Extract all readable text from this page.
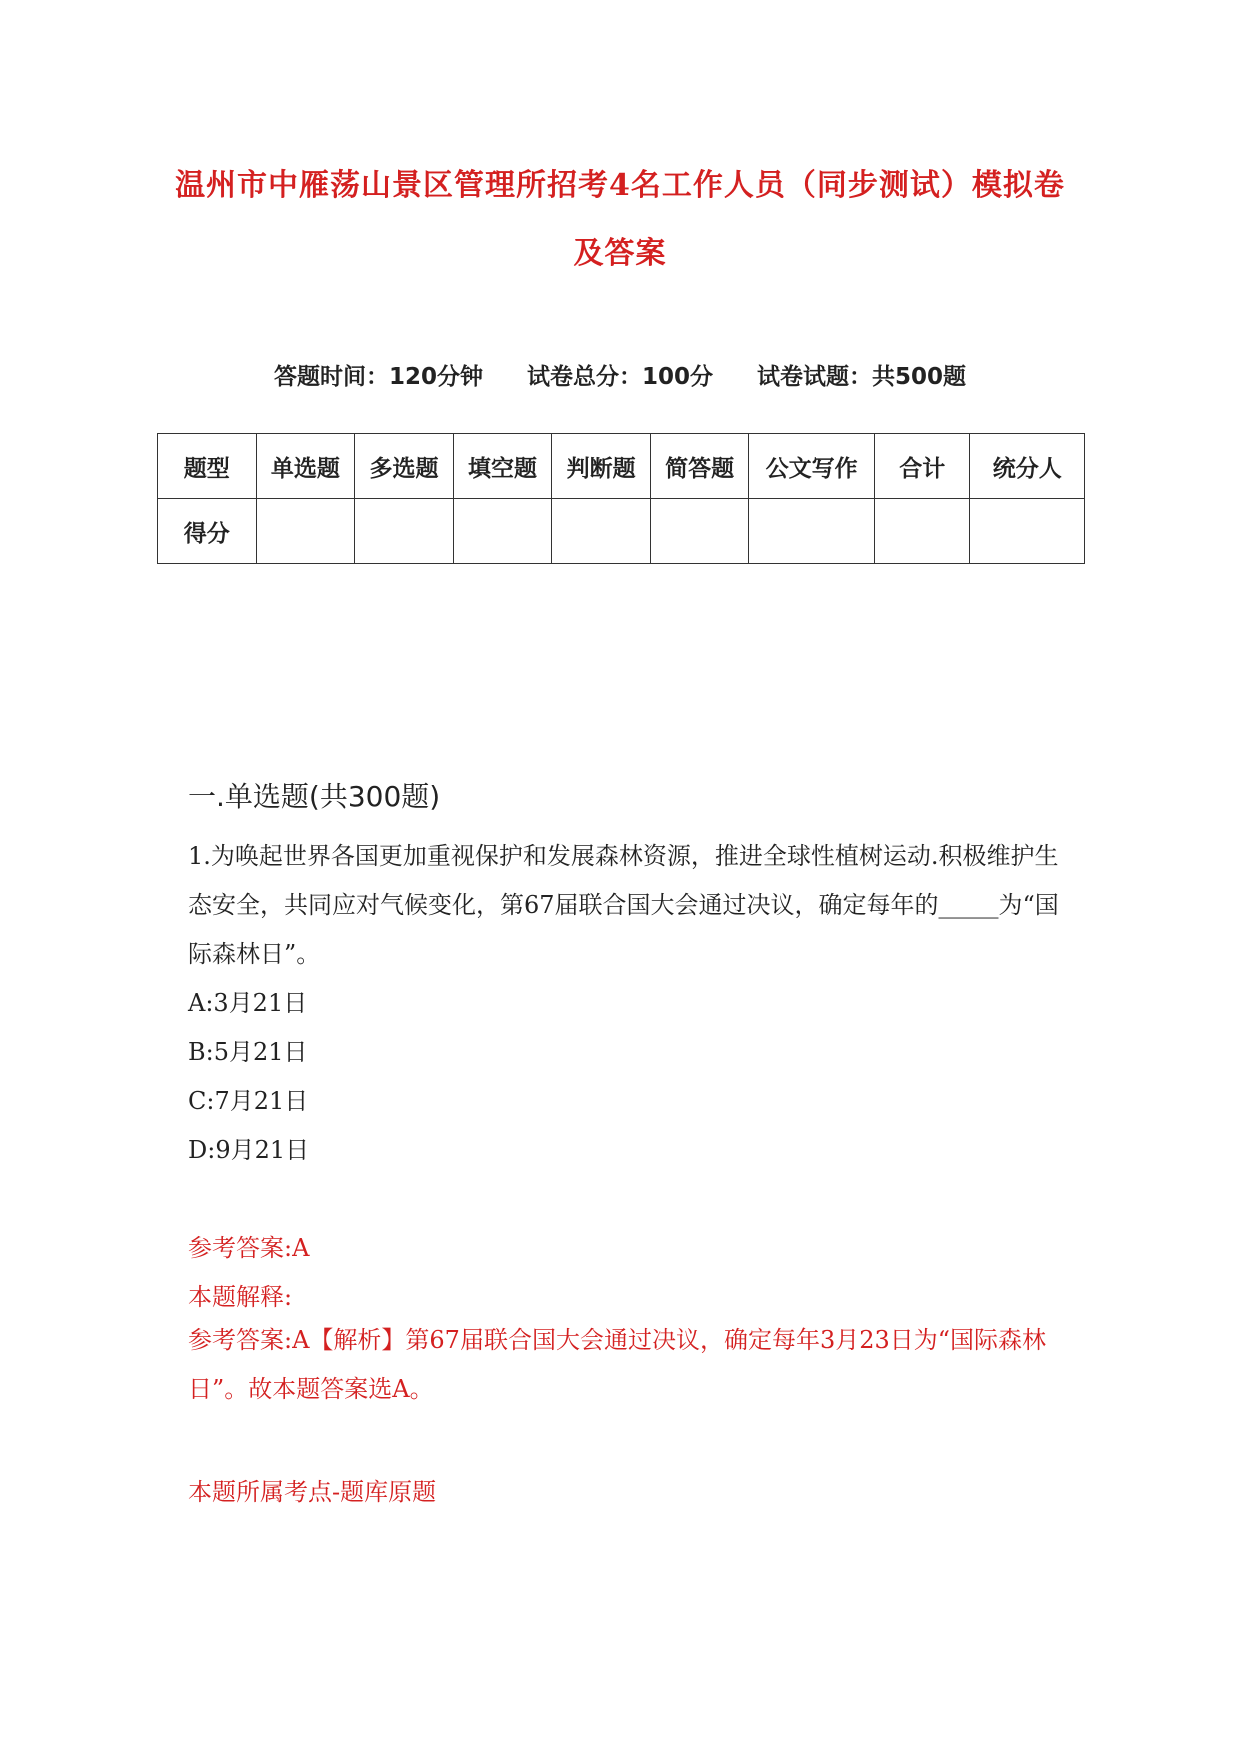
温州市中雁荡山景区管理所招考4名工作人员（同步测试）模拟卷
及答案
答题时间：120分钟 试卷总分：100分 试卷试题：共500题
题型	单选题	多选题	填空题	判断题	简答题	公文写作	合计	统分人
得分								
一.单选题(共300题)
1.为唤起世界各国更加重视保护和发展森林资源，推进全球性植树运动.积极维护生态安全，共同应对气候变化，第67届联合国大会通过决议，确定每年的_____为“国际森林日”。
A:3月21日
B:5月21日
C:7月21日
D:9月21日
参考答案:A
本题解释:
参考答案:A【解析】第67届联合国大会通过决议，确定每年3月23日为“国际森林日”。故本题答案选A。
本题所属考点-题库原题
